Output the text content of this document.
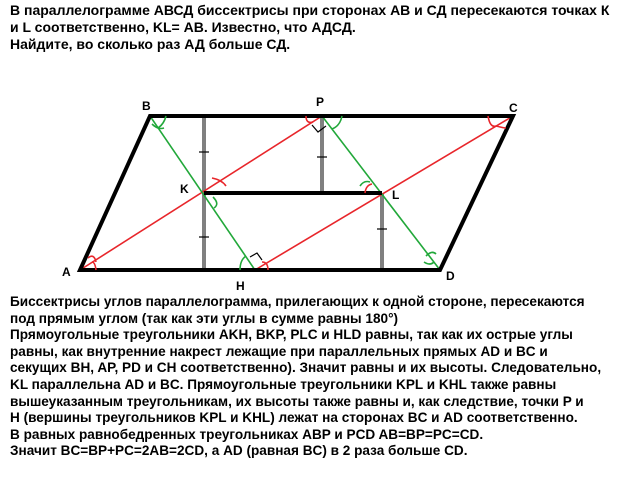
В параллелограмме АВСД биссектрисы при сторонах АВ и СД пересекаются точках К
и L соответственно, KL= АВ. Известно, что АДСД.
Найдите, во сколько раз АД больше СД.
B	P	C
K	L
A
H
D
Биссектрисы углов параллелограмма, прилегающих к одной стороне, пересекаются
под прямым углом (так как эти углы в сумме равны 180°)
Прямоугольные треугольники AKH, BKP, PLC и HLD равны, так как их острые углы
равны, как внутренние накрест лежащие при параллельных прямых AD и BC и
секущих BH, AP, PD и CH соответственно). Значит равны и их высоты. Следовательно,
KL параллельна AD и BC. Прямоугольные треугольники KPL и KHL также равны
вышеуказанным треугольникам, их высоты также равны и, как следствие, точки P и
H (вершины треугольников KPL и KHL) лежат на сторонах BC и AD соответственно.
В равных равнобедренных треугольниках ABP и PCD AB=BP=PC=CD.
Значит BC=BP+PC=2AB=2CD, а AD (равная BC) в 2 раза больше CD.
